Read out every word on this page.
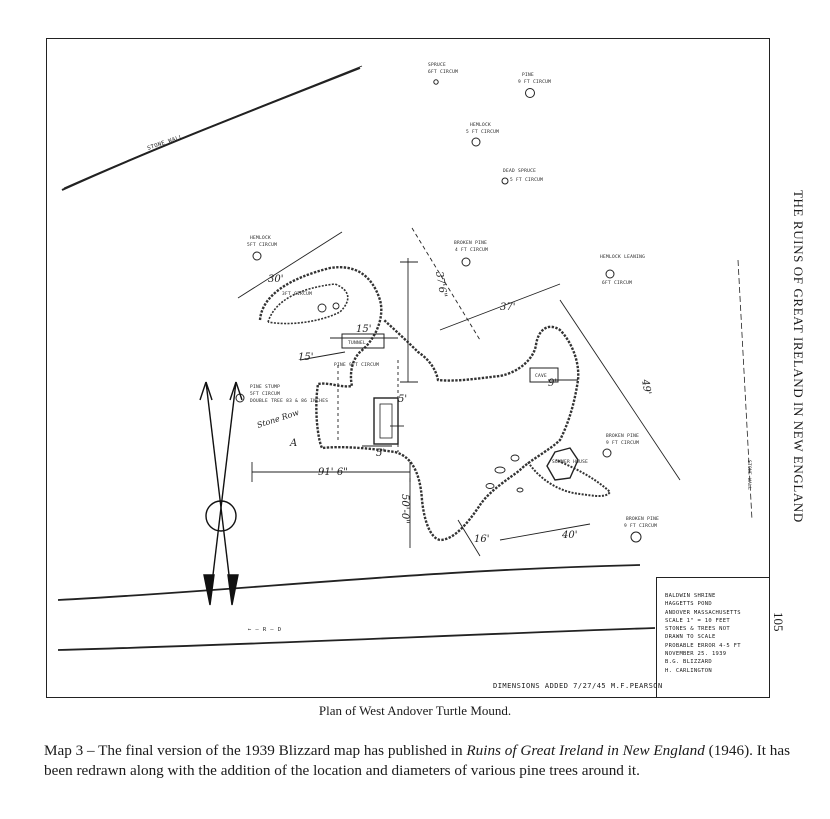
STONE WALL
STONE WALL
← — R — D
SPRUCE
6FT CIRCUM
PINE
9 FT CIRCUM
HEMLOCK
5 FT CIRCUM
DEAD SPRUCE
5 FT CIRCUM
HEMLOCK
5FT CIRCUM	BROKEN PINE
4 FT CIRCUM
HEMLOCK LEANING
6FT CIRCUM
PINE STUMP
5FT CIRCUM
DOUBLE TREE 83 & 86 INCHES
BROKEN PINE
9 FT CIRCUM
BROKEN PINE
9 FT CIRCUM
SUMMER HOUSE
CAVE
TUNNEL
PINE 9FT CIRCUM
3FT CIRCUM
Stone Row
A
30'
15'
15'
37'6"
37'
49'
91'-6"
50'-0"
16'	40'
9'
5'
5'
BALDWIN SHRINE
HAGGETTS POND
ANDOVER MASSACHUSETTS
SCALE 1" = 10 FEET
STONES & TREES NOT
DRAWN TO SCALE
PROBABLE ERROR 4-5 FT
NOVEMBER 25. 1939
B.G. BLIZZARD
H. CARLINGTON
DIMENSIONS ADDED 7/27/45 M.F.PEARSON
THE RUINS OF GREAT IRELAND IN NEW ENGLAND
105
Plan of West Andover Turtle Mound.
Map 3 – The final version of the 1939 Blizzard map has published in Ruins of Great Ireland in New England (1946). It has been redrawn along with the addition of the location and diameters of various pine trees around it.
